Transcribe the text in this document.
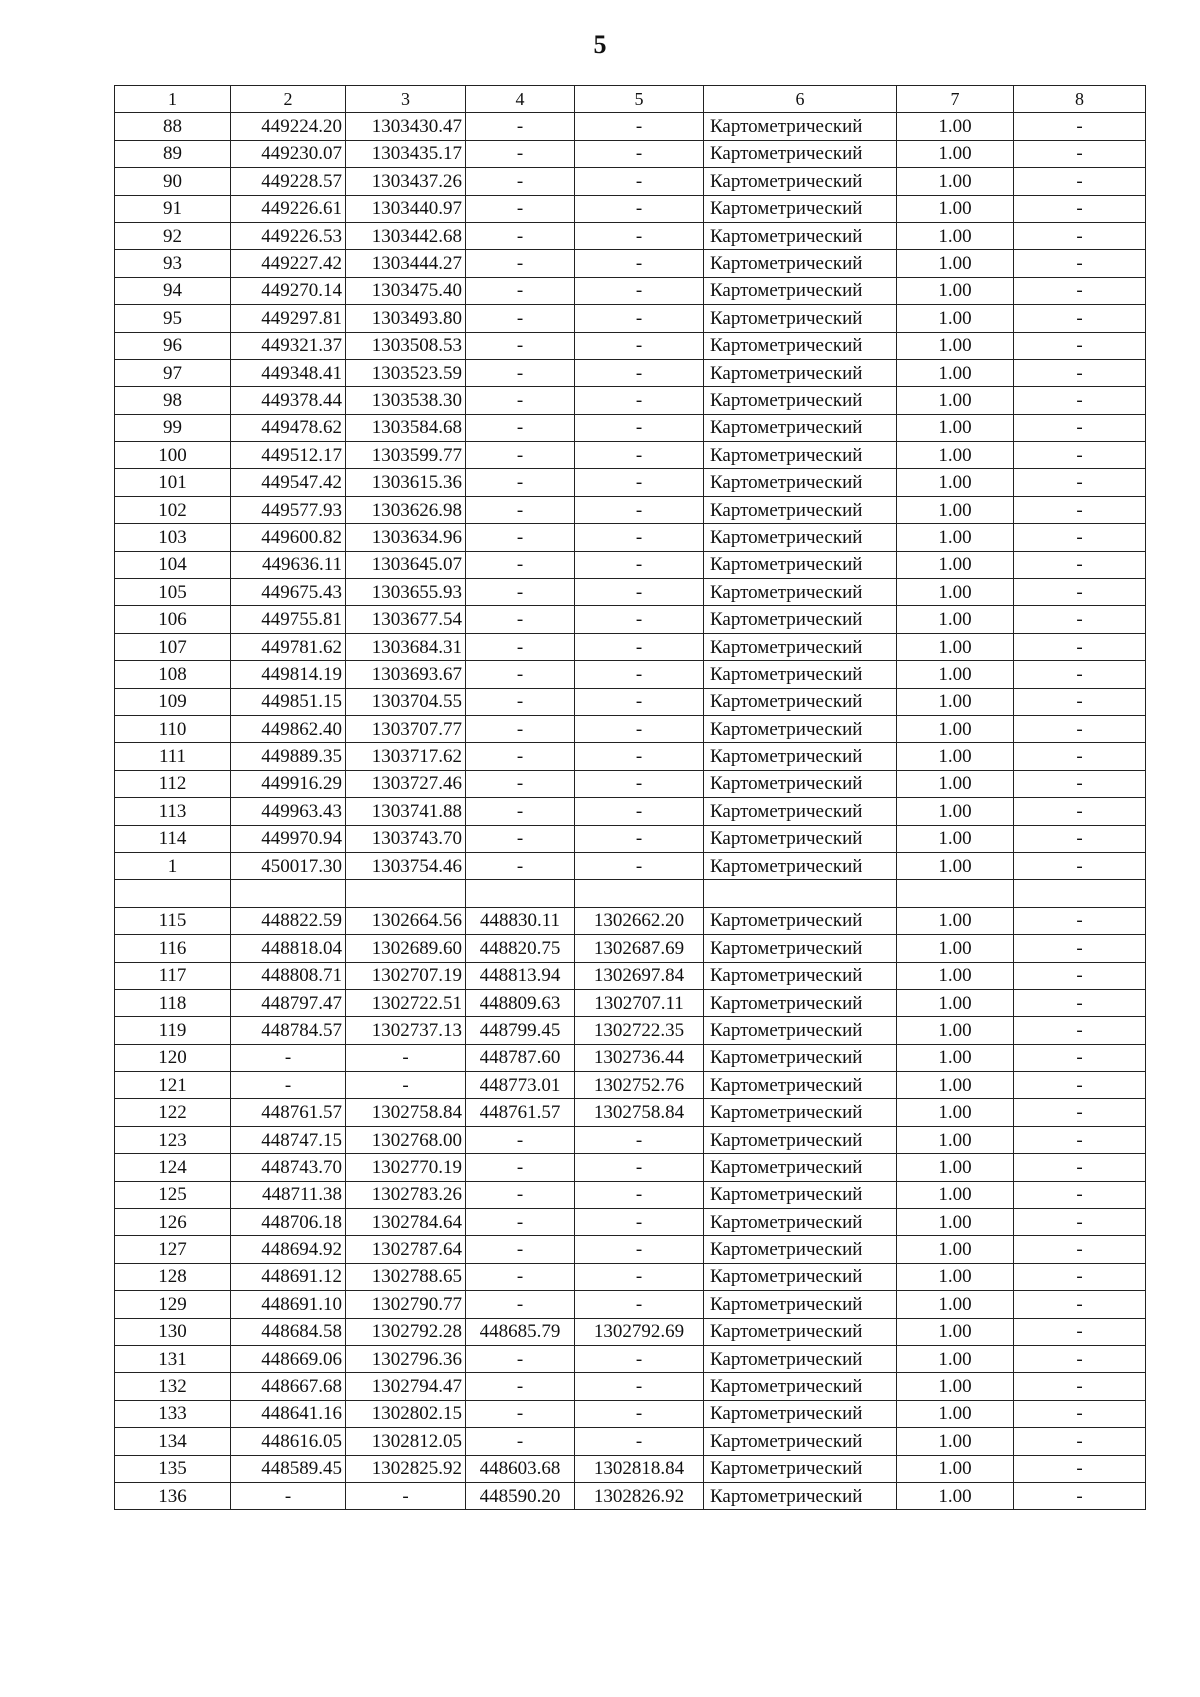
5
1	2	3	4	5	6	7	8
88	449224.20	1303430.47	-	-	Картометрический	1.00	-
89	449230.07	1303435.17	-	-	Картометрический	1.00	-
90	449228.57	1303437.26	-	-	Картометрический	1.00	-
91	449226.61	1303440.97	-	-	Картометрический	1.00	-
92	449226.53	1303442.68	-	-	Картометрический	1.00	-
93	449227.42	1303444.27	-	-	Картометрический	1.00	-
94	449270.14	1303475.40	-	-	Картометрический	1.00	-
95	449297.81	1303493.80	-	-	Картометрический	1.00	-
96	449321.37	1303508.53	-	-	Картометрический	1.00	-
97	449348.41	1303523.59	-	-	Картометрический	1.00	-
98	449378.44	1303538.30	-	-	Картометрический	1.00	-
99	449478.62	1303584.68	-	-	Картометрический	1.00	-
100	449512.17	1303599.77	-	-	Картометрический	1.00	-
101	449547.42	1303615.36	-	-	Картометрический	1.00	-
102	449577.93	1303626.98	-	-	Картометрический	1.00	-
103	449600.82	1303634.96	-	-	Картометрический	1.00	-
104	449636.11	1303645.07	-	-	Картометрический	1.00	-
105	449675.43	1303655.93	-	-	Картометрический	1.00	-
106	449755.81	1303677.54	-	-	Картометрический	1.00	-
107	449781.62	1303684.31	-	-	Картометрический	1.00	-
108	449814.19	1303693.67	-	-	Картометрический	1.00	-
109	449851.15	1303704.55	-	-	Картометрический	1.00	-
110	449862.40	1303707.77	-	-	Картометрический	1.00	-
111	449889.35	1303717.62	-	-	Картометрический	1.00	-
112	449916.29	1303727.46	-	-	Картометрический	1.00	-
113	449963.43	1303741.88	-	-	Картометрический	1.00	-
114	449970.94	1303743.70	-	-	Картометрический	1.00	-
1	450017.30	1303754.46	-	-	Картометрический	1.00	-

115	448822.59	1302664.56	448830.11	1302662.20	Картометрический	1.00	-
116	448818.04	1302689.60	448820.75	1302687.69	Картометрический	1.00	-
117	448808.71	1302707.19	448813.94	1302697.84	Картометрический	1.00	-
118	448797.47	1302722.51	448809.63	1302707.11	Картометрический	1.00	-
119	448784.57	1302737.13	448799.45	1302722.35	Картометрический	1.00	-
120	-	-	448787.60	1302736.44	Картометрический	1.00	-
121	-	-	448773.01	1302752.76	Картометрический	1.00	-
122	448761.57	1302758.84	448761.57	1302758.84	Картометрический	1.00	-
123	448747.15	1302768.00	-	-	Картометрический	1.00	-
124	448743.70	1302770.19	-	-	Картометрический	1.00	-
125	448711.38	1302783.26	-	-	Картометрический	1.00	-
126	448706.18	1302784.64	-	-	Картометрический	1.00	-
127	448694.92	1302787.64	-	-	Картометрический	1.00	-
128	448691.12	1302788.65	-	-	Картометрический	1.00	-
129	448691.10	1302790.77	-	-	Картометрический	1.00	-
130	448684.58	1302792.28	448685.79	1302792.69	Картометрический	1.00	-
131	448669.06	1302796.36	-	-	Картометрический	1.00	-
132	448667.68	1302794.47	-	-	Картометрический	1.00	-
133	448641.16	1302802.15	-	-	Картометрический	1.00	-
134	448616.05	1302812.05	-	-	Картометрический	1.00	-
135	448589.45	1302825.92	448603.68	1302818.84	Картометрический	1.00	-
136	-	-	448590.20	1302826.92	Картометрический	1.00	-
